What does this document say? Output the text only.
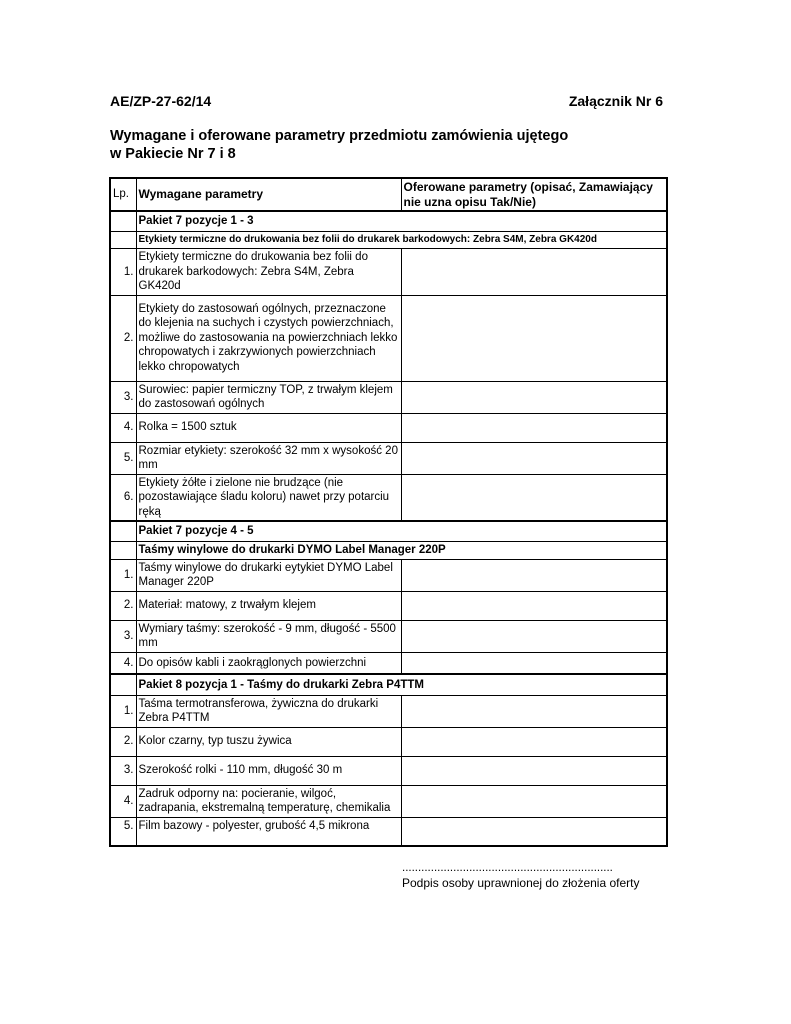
AE/ZP-27-62/14	Załącznik Nr 6
Wymagane i oferowane parametry przedmiotu zamówienia ujętego
w Pakiecie Nr 7 i 8
Lp.	Wymagane parametry	Oferowane parametry (opisać, Zamawiający nie uzna opisu Tak/Nie)
	Pakiet 7 pozycje 1 - 3	
	Etykiety termiczne do drukowania bez folii do drukarek barkodowych: Zebra S4M, Zebra GK420d	
1.	Etykiety termiczne do drukowania bez folii do drukarek barkodowych: Zebra S4M, Zebra GK420d	
2.	Etykiety do zastosowań ogólnych, przeznaczone do klejenia na suchych i czystych powierzchniach, możliwe do zastosowania na powierzchniach lekko chropowatych i zakrzywionych powierzchniach lekko chropowatych	
3.	Surowiec: papier termiczny TOP, z trwałym klejem do zastosowań ogólnych	
4.	Rolka = 1500 sztuk	
5.	Rozmiar etykiety: szerokość 32 mm x wysokość 20 mm	
6.	Etykiety żółte i zielone nie brudzące (nie pozostawiające śladu koloru) nawet przy potarciu ręką	
	Pakiet 7 pozycje 4 - 5	
	Taśmy winylowe do drukarki DYMO Label Manager 220P	
1.	Taśmy winylowe do drukarki eytykiet DYMO Label Manager 220P	
2.	Materiał: matowy, z trwałym klejem	
3.	Wymiary taśmy: szerokość - 9 mm, długość - 5500 mm	
4.	Do opisów kabli i zaokrąglonych powierzchni	
	Pakiet 8 pozycja 1 - Taśmy do drukarki Zebra P4TTM	
1.	Taśma termotransferowa, żywiczna do drukarki Zebra P4TTM	
2.	Kolor czarny, typ tuszu żywica	
3.	Szerokość rolki - 110 mm, długość 30 m	
4.	Zadruk odporny na: pocieranie, wilgoć, zadrapania, ekstremalną temperaturę, chemikalia	
5.	Film bazowy - polyester, grubość 4,5 mikrona	
..................................................................
Podpis osoby uprawnionej do złożenia oferty
